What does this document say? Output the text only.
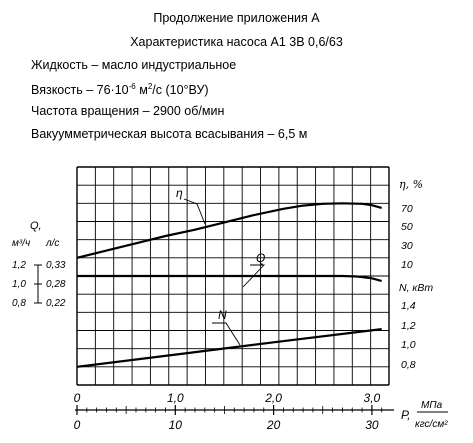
Продолжение приложения А
Характеристика насоса А1 3В 0,6/63
Жидкость – масло индустриальное
Вязкость – $76\cdot 10^{-6}$ $м^2/с$ (10°ВУ)
Частота вращения – 2900 об/мин
Вакуумметрическая высота всасывания – 6,5 м
η
Q
N
Q,
м³/ч л/с
1,2 0,33
1,0 0,28
0,8 0,22
η, %
70
50
30
10
N, кВт
1,4
1,2
1,0
0,8
0
0
1,0
10
2,0
20
3,0
30
Р,
МПа
кгс/см²
